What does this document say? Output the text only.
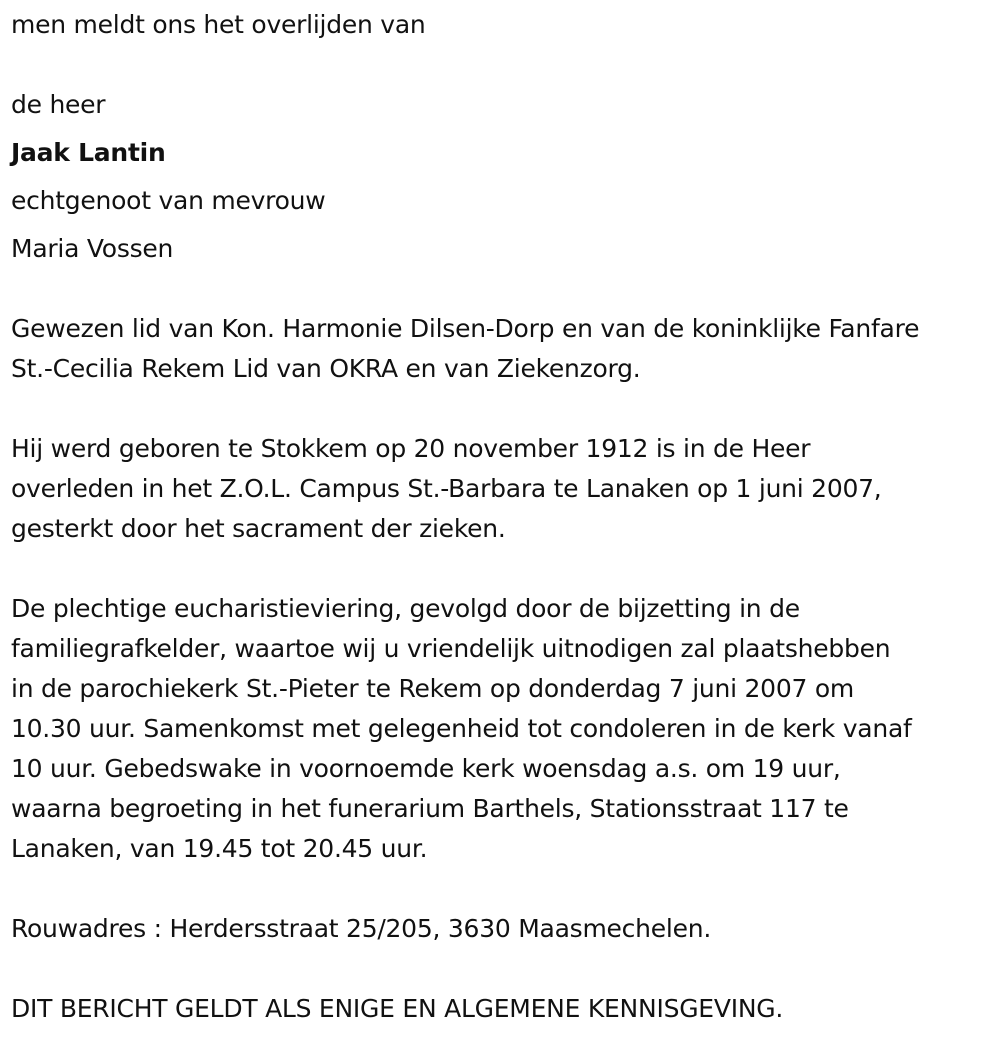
men meldt ons het overlijden van
de heer
Jaak Lantin
echtgenoot van mevrouw
Maria Vossen
Gewezen lid van Kon. Harmonie Dilsen-Dorp en van de koninklijke Fanfare
St.-Cecilia Rekem Lid van OKRA en van Ziekenzorg.
Hij werd geboren te Stokkem op 20 november 1912 is in de Heer
overleden in het Z.O.L. Campus St.-Barbara te Lanaken op 1 juni 2007,
gesterkt door het sacrament der zieken.
De plechtige eucharistieviering, gevolgd door de bijzetting in de
familiegrafkelder, waartoe wij u vriendelijk uitnodigen zal plaatshebben
in de parochiekerk St.-Pieter te Rekem op donderdag 7 juni 2007 om
10.30 uur. Samenkomst met gelegenheid tot condoleren in de kerk vanaf
10 uur. Gebedswake in voornoemde kerk woensdag a.s. om 19 uur,
waarna begroeting in het funerarium Barthels, Stationsstraat 117 te
Lanaken, van 19.45 tot 20.45 uur.
Rouwadres : Herdersstraat 25/205, 3630 Maasmechelen.
DIT BERICHT GELDT ALS ENIGE EN ALGEMENE KENNISGEVING.
